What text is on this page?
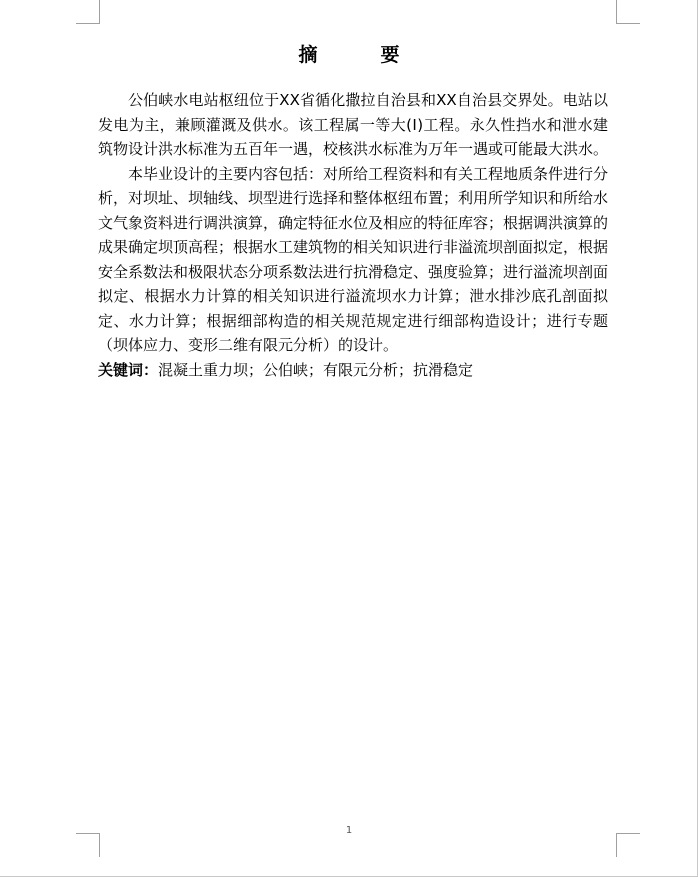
摘　要

公伯峡水电站枢纽位于XX省循化撒拉自治县和XX自治县交界处。电站以发电为主，兼顾灌溉及供水。该工程属一等大(Ⅰ)工程。永久性挡水和泄水建筑物设计洪水标准为五百年一遇，校核洪水标准为万年一遇或可能最大洪水。

本毕业设计的主要内容包括：对所给工程资料和有关工程地质条件进行分析，对坝址、坝轴线、坝型进行选择和整体枢纽布置；利用所学知识和所给水文气象资料进行调洪演算，确定特征水位及相应的特征库容；根据调洪演算的成果确定坝顶高程；根据水工建筑物的相关知识进行非溢流坝剖面拟定，根据安全系数法和极限状态分项系数法进行抗滑稳定、强度验算；进行溢流坝剖面拟定、根据水力计算的相关知识进行溢流坝水力计算；泄水排沙底孔剖面拟定、水力计算；根据细部构造的相关规范规定进行细部构造设计；进行专题（坝体应力、变形二维有限元分析）的设计。

关键词：混凝土重力坝；公伯峡；有限元分析；抗滑稳定

1
